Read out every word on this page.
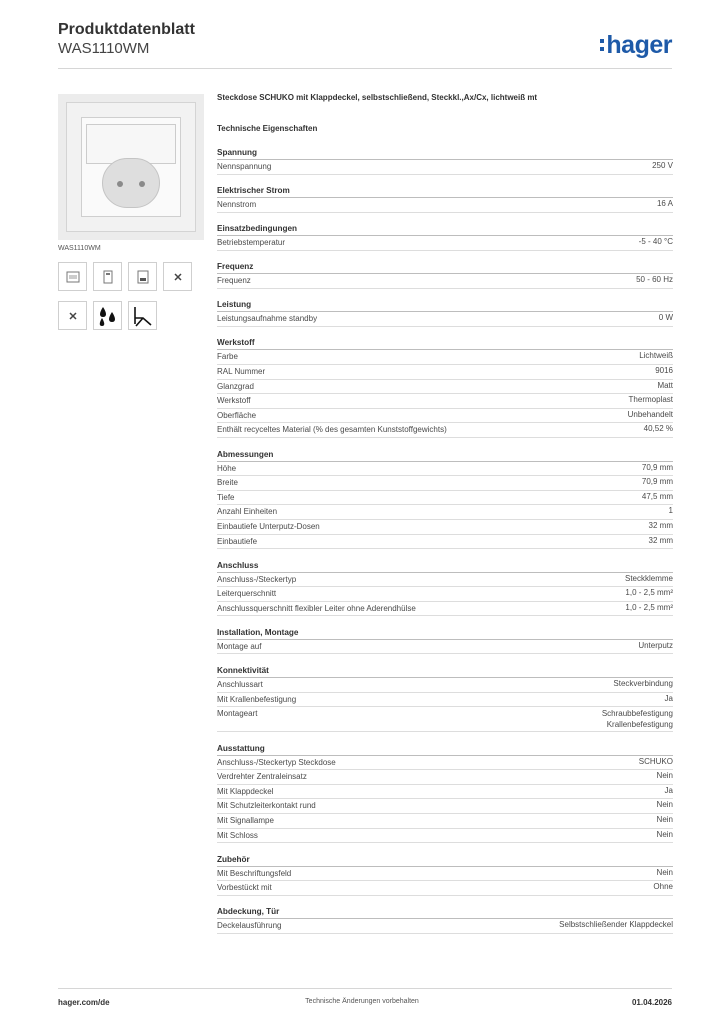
Produktdatenblatt
WAS1110WM	hager
WAS1110WM
Steckdose SCHUKO mit Klappdeckel, selbstschließend, Steckkl.,Ax/Cx, lichtweiß mt
Technische Eigenschaften
Spannung
Nennspannung	250 V
Elektrischer Strom
Nennstrom	16 A
Einsatzbedingungen
Betriebstemperatur	-5 - 40 °C
Frequenz
Frequenz	50 - 60 Hz
Leistung
Leistungsaufnahme standby	0 W
Werkstoff
Farbe	Lichtweiß
RAL Nummer	9016
Glanzgrad	Matt
Werkstoff	Thermoplast
Oberfläche	Unbehandelt
Enthält recyceltes Material (% des gesamten Kunststoffgewichts)	40,52 %
Abmessungen
Höhe	70,9 mm
Breite	70,9 mm
Tiefe	47,5 mm
Anzahl Einheiten	1
Einbautiefe Unterputz-Dosen	32 mm
Einbautiefe	32 mm
Anschluss
Anschluss-/Steckertyp	Steckklemme
Leiterquerschnitt	1,0 - 2,5 mm²
Anschlussquerschnitt flexibler Leiter ohne Aderendhülse	1,0 - 2,5 mm²
Installation, Montage
Montage auf	Unterputz
Konnektivität
Anschlussart	Steckverbindung
Mit Krallenbefestigung	Ja
Montageart	Schraubbefestigung
Krallenbefestigung
Ausstattung
Anschluss-/Steckertyp Steckdose	SCHUKO
Verdrehter Zentraleinsatz	Nein
Mit Klappdeckel	Ja
Mit Schutzleiterkontakt rund	Nein
Mit Signallampe	Nein
Mit Schloss	Nein
Zubehör
Mit Beschriftungsfeld	Nein
Vorbestückt mit	Ohne
Abdeckung, Tür
Deckelausführung	Selbstschließender Klappdeckel
hager.com/de	Technische Änderungen vorbehalten	01.04.2026
